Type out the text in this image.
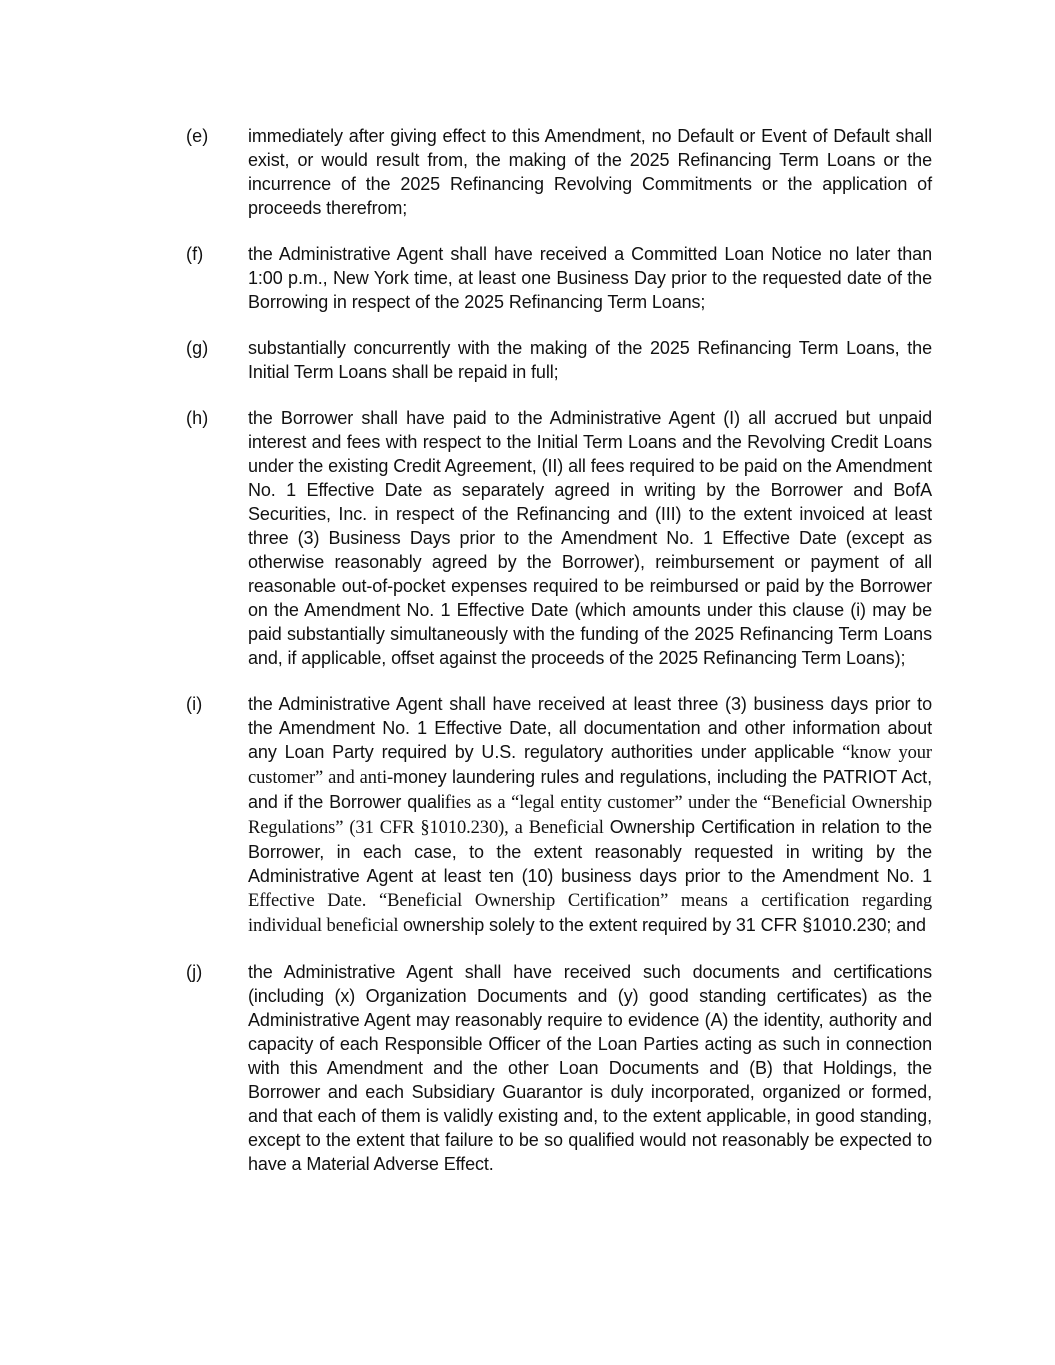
(e)	immediately after giving effect to this Amendment, no Default or Event of Default shall exist, or would result from, the making of the 2025 Refinancing Term Loans or the incurrence of the 2025 Refinancing Revolving Commitments or the application of proceeds therefrom;
(f)	the Administrative Agent shall have received a Committed Loan Notice no later than 1:00 p.m., New York time, at least one Business Day prior to the requested date of the Borrowing in respect of the 2025 Refinancing Term Loans;
(g)	substantially concurrently with the making of the 2025 Refinancing Term Loans, the Initial Term Loans shall be repaid in full;
(h)	the Borrower shall have paid to the Administrative Agent (I) all accrued but unpaid interest and fees with respect to the Initial Term Loans and the Revolving Credit Loans under the existing Credit Agreement, (II) all fees required to be paid on the Amendment No. 1 Effective Date as separately agreed in writing by the Borrower and BofA Securities, Inc. in respect of the Refinancing and (III) to the extent invoiced at least three (3) Business Days prior to the Amendment No. 1 Effective Date (except as otherwise reasonably agreed by the Borrower), reimbursement or payment of all reasonable out-of-pocket expenses required to be reimbursed or paid by the Borrower on the Amendment No. 1 Effective Date (which amounts under this clause (i) may be paid substantially simultaneously with the funding of the 2025 Refinancing Term Loans and, if applicable, offset against the proceeds of the 2025 Refinancing Term Loans);
(i)	the Administrative Agent shall have received at least three (3) business days prior to the Amendment No. 1 Effective Date, all documentation and other information about any Loan Party required by U.S. regulatory authorities under applicable “know your customer” and anti-money laundering rules and regulations, including the PATRIOT Act, and if the Borrower qualifies as a “legal entity customer” under the “Beneficial Ownership Regulations” (31 CFR §1010.230), a Beneficial Ownership Certification in relation to the Borrower, in each case, to the extent reasonably requested in writing by the Administrative Agent at least ten (10) business days prior to the Amendment No. 1 Effective Date. “Beneficial Ownership Certification” means a certification regarding individual beneficial ownership solely to the extent required by 31 CFR §1010.230; and
(j)	the Administrative Agent shall have received such documents and certifications (including (x) Organization Documents and (y) good standing certificates) as the Administrative Agent may reasonably require to evidence (A) the identity, authority and capacity of each Responsible Officer of the Loan Parties acting as such in connection with this Amendment and the other Loan Documents and (B) that Holdings, the Borrower and each Subsidiary Guarantor is duly incorporated, organized or formed, and that each of them is validly existing and, to the extent applicable, in good standing, except to the extent that failure to be so qualified would not reasonably be expected to have a Material Adverse Effect.
